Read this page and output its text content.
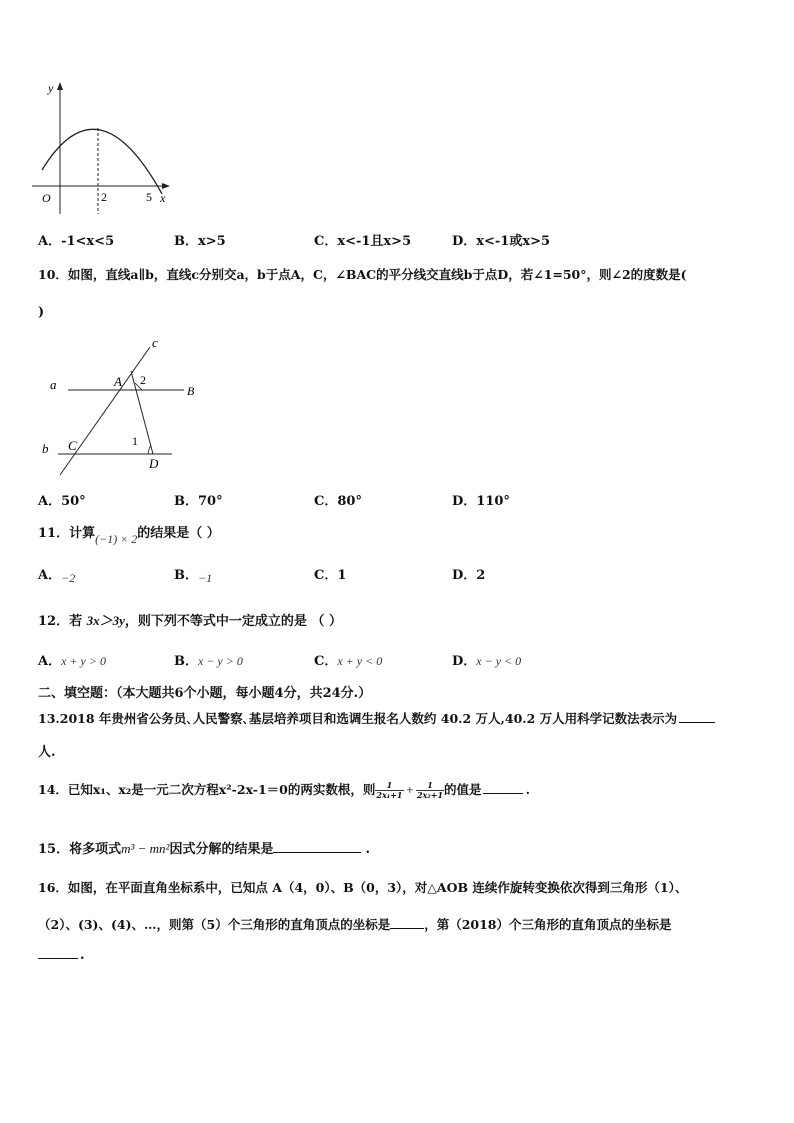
y
x
O	2	5
A．-1<x<5	B．x>5	C．x<-1且x>5	D．x<-1或x>5
10．如图，直线a∥b，直线c分别交a，b于点A，C，∠BAC的平分线交直线b于点D，若∠1=50°，则∠2的度数是(
)
c
a	A 2
B
b C	1
D
A．50°	B．70°	C．80°	D．110°
11．计算(−1) × 2的结果是（ ）
A．−2	B．−1	C．1	D．2
12．若 3x＞3y，则下列不等式中一定成立的是 （ ）
A．x + y > 0	B．x − y > 0	C．x + y < 0	D．x − y < 0
二、填空题：（本大题共6个小题，每小题4分，共24分.）
13.2018 年贵州省公务员､人民警察､基层培养项目和选调生报名人数约 40.2 万人,40.2 万人用科学记数法表示为
人.
14．已知x₁、x₂是一元二次方程x²-2x-1＝0的两实数根，则 $\frac{1}{\text{2x₁+1}} + \frac{1}{\text{2x₂+1}}$ 的值是	.
15．将多项式m³ − mn²因式分解的结果是	.
16．如图，在平面直角坐标系中，已知点 A（4，0）、B（0，3），对△AOB 连续作旋转变换依次得到三角形（1）、
（2）、(3)、(4)、…，则第（5）个三角形的直角顶点的坐标是	，第（2018）个三角形的直角顶点的坐标是
.
